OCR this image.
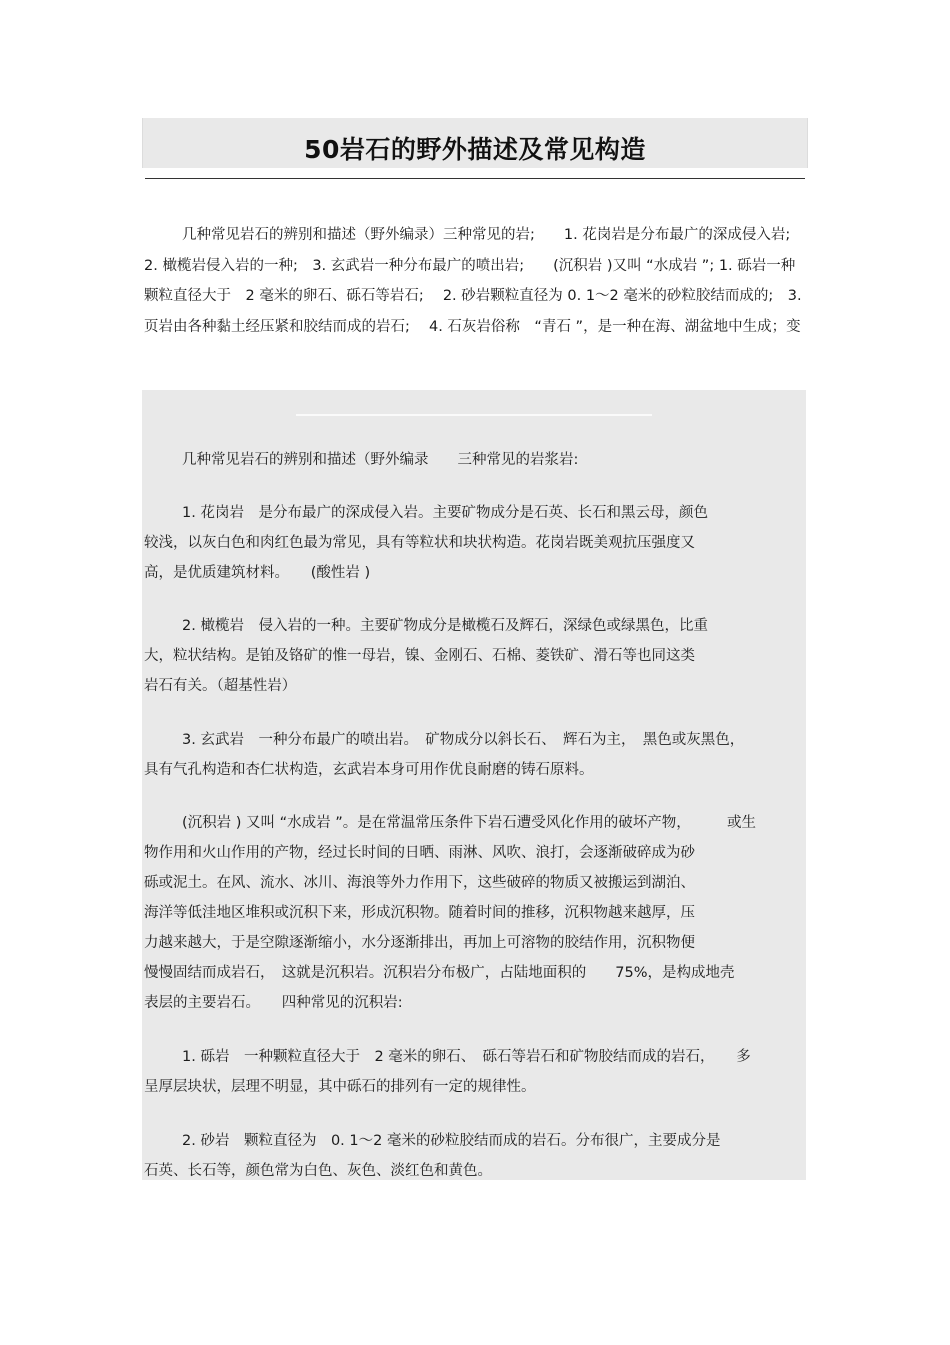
50岩石的野外描述及常见构造

几种常见岩石的辨别和描述（野外编录）三种常见的岩;　　1. 花岗岩是分布最广的深成侵入岩;　2. 橄榄岩侵入岩的一种;　3. 玄武岩一种分布最广的喷出岩;　　(沉积岩 )又叫 “水成岩 ”; 1. 砾岩一种颗粒直径大于　2 毫米的卵石、砾石等岩石;　 2. 砂岩颗粒直径为 0. 1～2 毫米的砂粒胶结而成的;　3. 页岩由各种黏土经压紧和胶结而成的岩石;　 4. 石灰岩俗称　“青石 ”，是一种在海、湖盆地中生成；变

几种常见岩石的辨别和描述（野外编录　　三种常见的岩浆岩:
1. 花岗岩　是分布最广的深成侵入岩。主要矿物成分是石英、长石和黑云母，颜色
较浅，以灰白色和肉红色最为常见，具有等粒状和块状构造。花岗岩既美观抗压强度又
高，是优质建筑材料。　　(酸性岩 )
2. 橄榄岩　侵入岩的一种。主要矿物成分是橄榄石及辉石，深绿色或绿黑色，比重
大，粒状结构。是铂及铬矿的惟一母岩，镍、金刚石、石棉、菱铁矿、滑石等也同这类
岩石有关。（超基性岩）
3. 玄武岩　一种分布最广的喷出岩。　矿物成分以斜长石、　辉石为主，　黑色或灰黑色，
具有气孔构造和杏仁状构造，玄武岩本身可用作优良耐磨的铸石原料。
(沉积岩 ) 又叫 “水成岩 ”。是在常温常压条件下岩石遭受风化作用的破坏产物，　　　或生
物作用和火山作用的产物，经过长时间的日晒、雨淋、风吹、浪打，会逐渐破碎成为砂
砾或泥土。在风、流水、冰川、海浪等外力作用下，这些破碎的物质又被搬运到湖泊、
海洋等低洼地区堆积或沉积下来，形成沉积物。随着时间的推移，沉积物越来越厚，压
力越来越大，于是空隙逐渐缩小，水分逐渐排出，再加上可溶物的胶结作用，沉积物便
慢慢固结而成岩石，　这就是沉积岩。沉积岩分布极广，占陆地面积的　　75%，是构成地壳
表层的主要岩石。　　四种常见的沉积岩:
1. 砾岩　一种颗粒直径大于　2 毫米的卵石、　砾石等岩石和矿物胶结而成的岩石，　　多
呈厚层块状，层理不明显，其中砾石的排列有一定的规律性。
2. 砂岩　颗粒直径为　0. 1～2 毫米的砂粒胶结而成的岩石。分布很广，主要成分是
石英、长石等，颜色常为白色、灰色、淡红色和黄色。
